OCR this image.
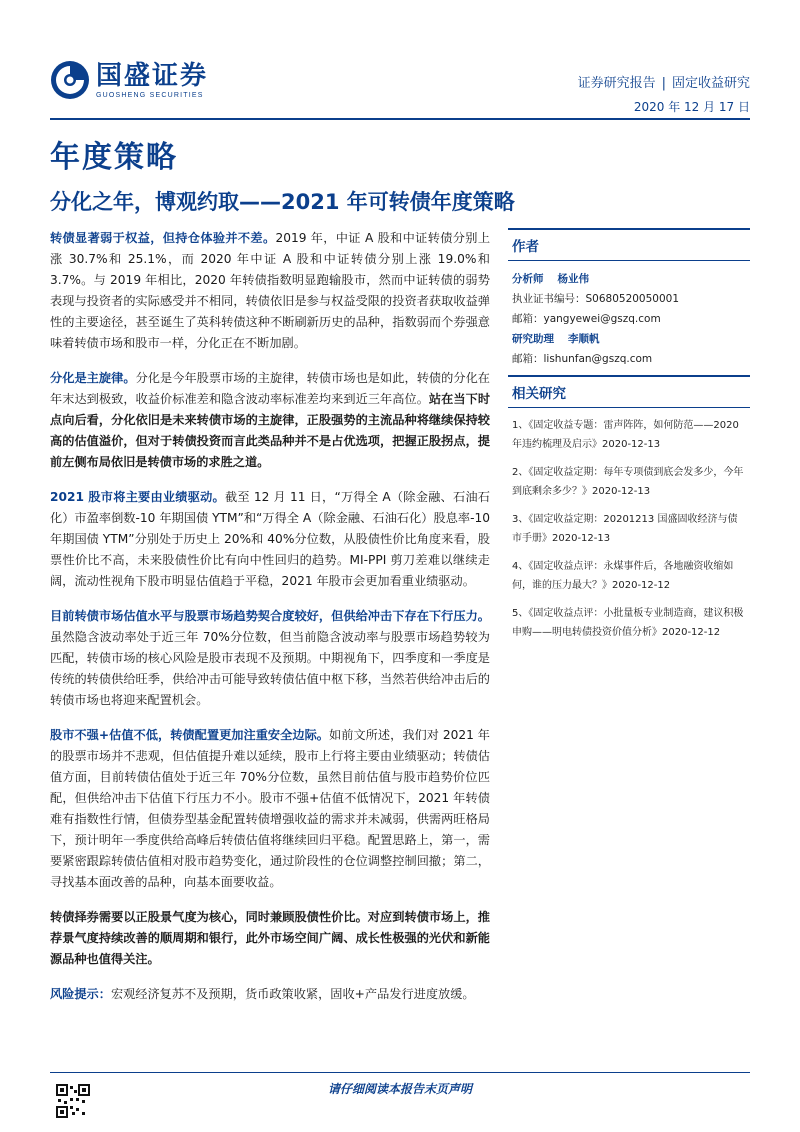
国盛证券
GUOSHENG SECURITIES
证券研究报告 | 固定收益研究
2020 年 12 月 17 日
年度策略
分化之年，博观约取——2021 年可转债年度策略

转债显著弱于权益，但持仓体验并不差。2019 年，中证 A 股和中证转债分别上涨 30.7%和 25.1%，而 2020 年中证 A 股和中证转债分别上涨 19.0%和 3.7%。与 2019 年相比，2020 年转债指数明显跑输股市，然而中证转债的弱势表现与投资者的实际感受并不相同，转债依旧是参与权益受限的投资者获取收益弹性的主要途径，甚至诞生了英科转债这种不断刷新历史的品种，指数弱而个券强意味着转债市场和股市一样，分化正在不断加剧。

分化是主旋律。分化是今年股票市场的主旋律，转债市场也是如此，转债的分化在年末达到极致，收益价标准差和隐含波动率标准差均来到近三年高位。站在当下时点向后看，分化依旧是未来转债市场的主旋律，正股强势的主流品种将继续保持较高的估值溢价，但对于转债投资而言此类品种并不是占优选项，把握正股拐点，提前左侧布局依旧是转债市场的求胜之道。

2021 股市将主要由业绩驱动。截至 12 月 11 日，“万得全 A（除金融、石油石化）市盈率倒数-10 年期国债 YTM”和“万得全 A（除金融、石油石化）股息率-10 年期国债 YTM”分别处于历史上 20%和 40%分位数，从股债性价比角度来看，股票性价比不高，未来股债性价比有向中性回归的趋势。MI-PPI 剪刀差难以继续走阔，流动性视角下股市明显估值趋于平稳，2021 年股市会更加看重业绩驱动。

目前转债市场估值水平与股票市场趋势契合度较好，但供给冲击下存在下行压力。虽然隐含波动率处于近三年 70%分位数，但当前隐含波动率与股票市场趋势较为匹配，转债市场的核心风险是股市表现不及预期。中期视角下，四季度和一季度是传统的转债供给旺季，供给冲击可能导致转债估值中枢下移，当然若供给冲击后的转债市场也将迎来配置机会。

股市不强+估值不低，转债配置更加注重安全边际。如前文所述，我们对 2021 年的股票市场并不悲观，但估值提升难以延续，股市上行将主要由业绩驱动；转债估值方面，目前转债估值处于近三年 70%分位数，虽然目前估值与股市趋势价位匹配，但供给冲击下估值下行压力不小。股市不强+估值不低情况下，2021 年转债难有指数性行情，但债券型基金配置转债增强收益的需求并未减弱，供需两旺格局下，预计明年一季度供给高峰后转债估值将继续回归平稳。配置思路上，第一，需要紧密跟踪转债估值相对股市趋势变化，通过阶段性的仓位调整控制回撤；第二，寻找基本面改善的品种，向基本面要收益。

转债择券需要以正股景气度为核心，同时兼顾股债性价比。对应到转债市场上，推荐景气度持续改善的顺周期和银行，此外市场空间广阔、成长性极强的光伏和新能源品种也值得关注。

风险提示：宏观经济复苏不及预期，货币政策收紧，固收+产品发行进度放缓。

作者
分析师 杨业伟
执业证书编号：S0680520050001
邮箱：yangyewei@gszq.com
研究助理 李顺帆
邮箱：lishunfan@gszq.com
相关研究
1、《固定收益专题：雷声阵阵，如何防范——2020 年违约梳理及启示》2020-12-13
2、《固定收益定期：每年专项债到底会发多少，今年到底剩余多少？》2020-12-13
3、《固定收益定期：20201213 国盛固收经济与债市手册》2020-12-13
4、《固定收益点评：永煤事件后，各地融资收缩如何，谁的压力最大？》2020-12-12
5、《固定收益点评：小批量板专业制造商，建议积极申购——明电转债投资价值分析》2020-12-12
请仔细阅读本报告末页声明
